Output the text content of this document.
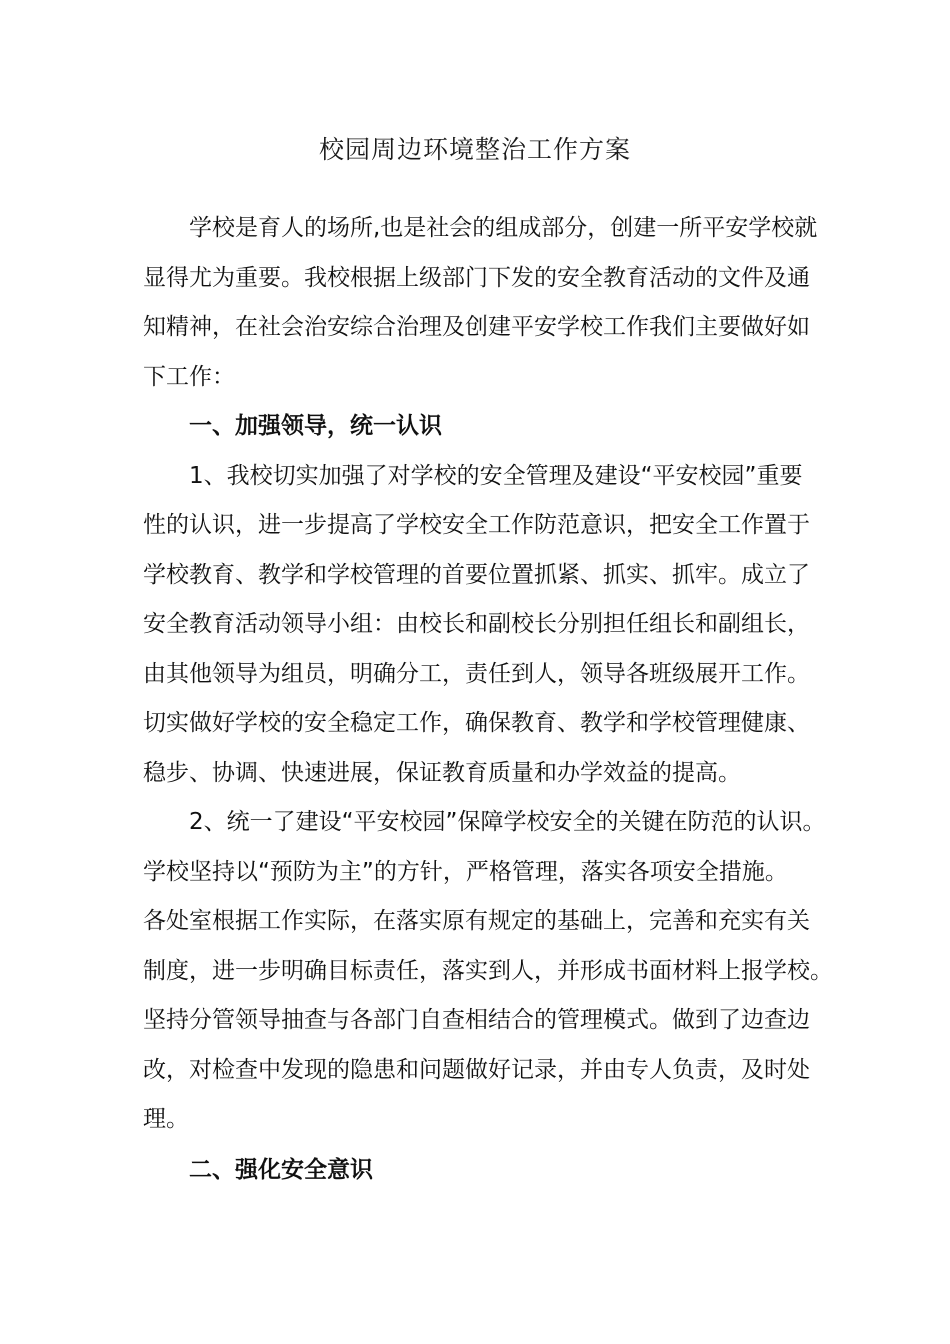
校园周边环境整治工作方案

学校是育人的场所,也是社会的组成部分，创建一所平安学校就

显得尤为重要。我校根据上级部门下发的安全教育活动的文件及通

知精神，在社会治安综合治理及创建平安学校工作我们主要做好如

下工作：

一、加强领导，统一认识

1、我校切实加强了对学校的安全管理及建设“平安校园”重要

性的认识，进一步提高了学校安全工作防范意识，把安全工作置于

学校教育、教学和学校管理的首要位置抓紧、抓实、抓牢。成立了

安全教育活动领导小组：由校长和副校长分别担任组长和副组长，

由其他领导为组员，明确分工，责任到人，领导各班级展开工作。

切实做好学校的安全稳定工作，确保教育、教学和学校管理健康、

稳步、协调、快速进展，保证教育质量和办学效益的提高。

2、统一了建设“平安校园”保障学校安全的关键在防范的认识。

学校坚持以“预防为主”的方针，严格管理，落实各项安全措施。

各处室根据工作实际，在落实原有规定的基础上，完善和充实有关

制度，进一步明确目标责任，落实到人，并形成书面材料上报学校。

坚持分管领导抽查与各部门自查相结合的管理模式。做到了边查边

改，对检查中发现的隐患和问题做好记录，并由专人负责，及时处

理。

二、强化安全意识
